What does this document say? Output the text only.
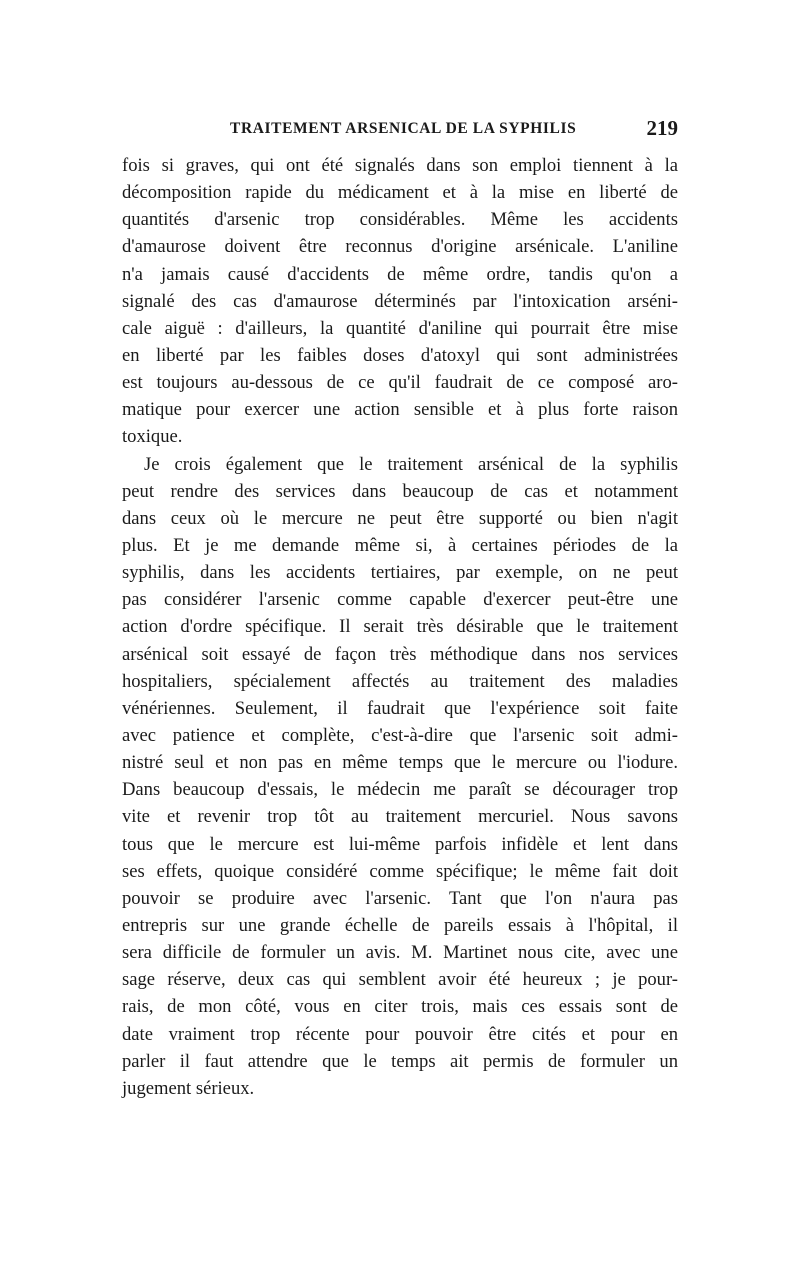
TRAITEMENT ARSENICAL DE LA SYPHILIS	219

fois si graves, qui ont été signalés dans son emploi tiennent à la
décomposition rapide du médicament et à la mise en liberté de
quantités d'arsenic trop considérables. Même les accidents
d'amaurose doivent être reconnus d'origine arsénicale. L'aniline
n'a jamais causé d'accidents de même ordre, tandis qu'on a
signalé des cas d'amaurose déterminés par l'intoxication arséni-
cale aiguë : d'ailleurs, la quantité d'aniline qui pourrait être mise
en liberté par les faibles doses d'atoxyl qui sont administrées
est toujours au-dessous de ce qu'il faudrait de ce composé aro-
matique pour exercer une action sensible et à plus forte raison
toxique.

Je crois également que le traitement arsénical de la syphilis
peut rendre des services dans beaucoup de cas et notamment
dans ceux où le mercure ne peut être supporté ou bien n'agit
plus. Et je me demande même si, à certaines périodes de la
syphilis, dans les accidents tertiaires, par exemple, on ne peut
pas considérer l'arsenic comme capable d'exercer peut-être une
action d'ordre spécifique. Il serait très désirable que le traitement
arsénical soit essayé de façon très méthodique dans nos services
hospitaliers, spécialement affectés au traitement des maladies
vénériennes. Seulement, il faudrait que l'expérience soit faite
avec patience et complète, c'est-à-dire que l'arsenic soit admi-
nistré seul et non pas en même temps que le mercure ou l'iodure.
Dans beaucoup d'essais, le médecin me paraît se décourager trop
vite et revenir trop tôt au traitement mercuriel. Nous savons
tous que le mercure est lui-même parfois infidèle et lent dans
ses effets, quoique considéré comme spécifique; le même fait doit
pouvoir se produire avec l'arsenic. Tant que l'on n'aura pas
entrepris sur une grande échelle de pareils essais à l'hôpital, il
sera difficile de formuler un avis. M. Martinet nous cite, avec une
sage réserve, deux cas qui semblent avoir été heureux ; je pour-
rais, de mon côté, vous en citer trois, mais ces essais sont de
date vraiment trop récente pour pouvoir être cités et pour en
parler il faut attendre que le temps ait permis de formuler un
jugement sérieux.
